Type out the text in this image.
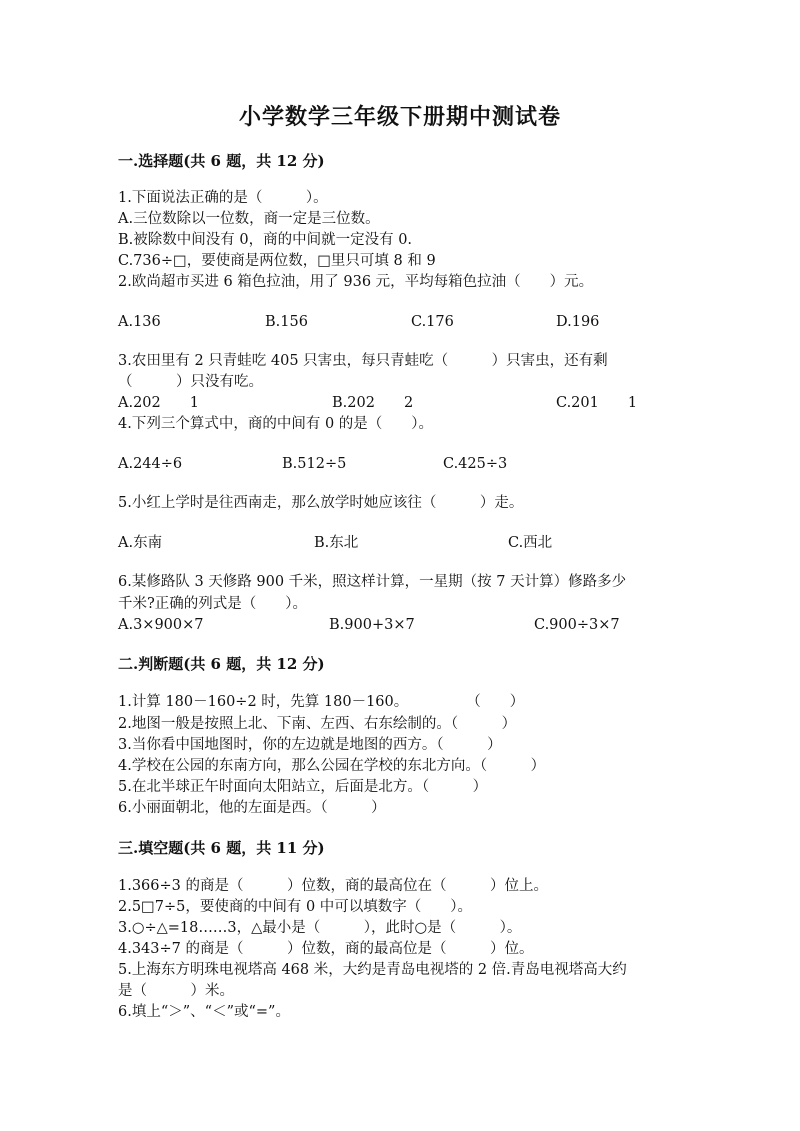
小学数学三年级下册期中测试卷
一.选择题(共 6 题，共 12 分)
1.下面说法正确的是（　　　）。
A.三位数除以一位数，商一定是三位数。
B.被除数中间没有 0，商的中间就一定没有 0.
C.736÷□，要使商是两位数，□里只可填 8 和 9
2.欧尚超市买进 6 箱色拉油，用了 936 元，平均每箱色拉油（　　）元。
A.136	B.156	C.176	D.196
3.农田里有 2 只青蛙吃 405 只害虫，每只青蛙吃（　　　）只害虫，还有剩
（　　　）只没有吃。
A.202　　1	B.202　　2	C.201　　1
4.下列三个算式中，商的中间有 0 的是（　　）。
A.244÷6	B.512÷5	C.425÷3
5.小红上学时是往西南走，那么放学时她应该往（　　　）走。
A.东南	B.东北	C.西北
6.某修路队 3 天修路 900 千米，照这样计算，一星期（按 7 天计算）修路多少
千米?正确的列式是（　　）。
A.3×900×7	B.900+3×7	C.900÷3×7
二.判断题(共 6 题，共 12 分)
1.计算 180－160÷2 时，先算 180－160。　　　　　（　　）
2.地图一般是按照上北、下南、左西、右东绘制的。（　　　）
3.当你看中国地图时，你的左边就是地图的西方。（　　　）
4.学校在公园的东南方向，那么公园在学校的东北方向。（　　　）
5.在北半球正午时面向太阳站立，后面是北方。（　　　）
6.小丽面朝北，他的左面是西。（　　　）
三.填空题(共 6 题，共 11 分)
1.366÷3 的商是（　　　）位数，商的最高位在（　　　）位上。
2.5□7÷5，要使商的中间有 0 中可以填数字（　　）。
3.○÷△=18……3，△最小是（　　　），此时○是（　　　）。
4.343÷7 的商是（　　　）位数，商的最高位是（　　　）位。
5.上海东方明珠电视塔高 468 米，大约是青岛电视塔的 2 倍.青岛电视塔高大约
是（　　　）米。
6.填上“＞”、“＜”或“=”。
